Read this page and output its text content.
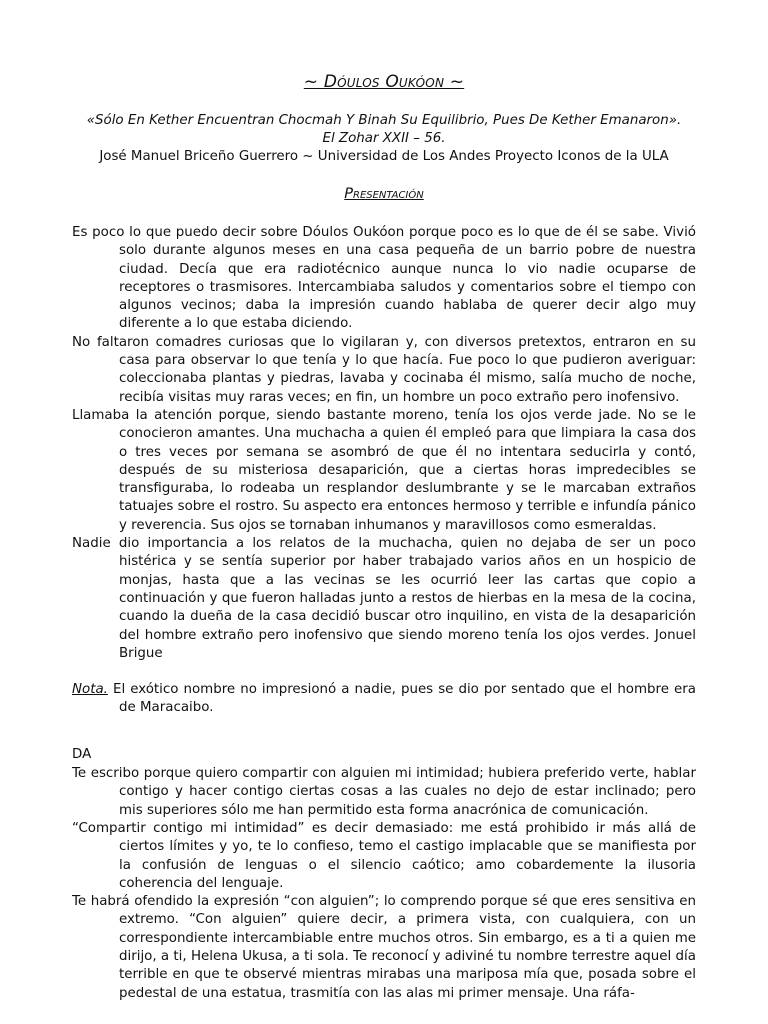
~ Dóulos Oukóon ~
«Sólo En Kether Encuentran Chocmah Y Binah Su Equilibrio, Pues De Kether Emanaron».
El Zohar XXII – 56.
José Manuel Briceño Guerrero ~ Universidad de Los Andes Proyecto Iconos de la ULA
Presentación

Es poco lo que puedo decir sobre Dóulos Oukóon porque poco es lo que de él se sabe. Vivió solo durante algunos meses en una casa pequeña de un barrio pobre de nuestra ciudad. Decía que era radiotécnico aunque nunca lo vio nadie ocuparse de receptores o trasmisores. Intercambiaba saludos y comentarios sobre el tiempo con algunos vecinos; daba la impresión cuando hablaba de querer decir algo muy diferente a lo que estaba diciendo.

No faltaron comadres curiosas que lo vigilaran y, con diversos pretextos, entraron en su casa para observar lo que tenía y lo que hacía. Fue poco lo que pudieron averiguar: coleccionaba plantas y piedras, lavaba y cocinaba él mismo, salía mucho de noche, recibía visitas muy raras veces; en fin, un hombre un poco extraño pero inofensivo.

Llamaba la atención porque, siendo bastante moreno, tenía los ojos verde jade. No se le conocieron amantes. Una muchacha a quien él empleó para que limpiara la casa dos o tres veces por semana se asombró de que él no intentara seducirla y contó, después de su misteriosa desaparición, que a ciertas horas impredecibles se transfiguraba, lo rodeaba un resplandor deslumbrante y se le marcaban extraños tatuajes sobre el rostro. Su aspecto era entonces hermoso y terrible e infundía pánico y reverencia. Sus ojos se tornaban inhumanos y maravillosos como esmeraldas.

Nadie dio importancia a los relatos de la muchacha, quien no dejaba de ser un poco histérica y se sentía superior por haber trabajado varios años en un hospicio de monjas, hasta que a las vecinas se les ocurrió leer las cartas que copio a continuación y que fueron halladas junto a restos de hierbas en la mesa de la cocina, cuando la dueña de la casa decidió buscar otro inquilino, en vista de la desaparición del hombre extraño pero inofensivo que siendo moreno tenía los ojos verdes. Jonuel Brigue

Nota. El exótico nombre no impresionó a nadie, pues se dio por sentado que el hombre era de Maracaibo.

DA

Te escribo porque quiero compartir con alguien mi intimidad; hubiera preferido verte, hablar contigo y hacer contigo ciertas cosas a las cuales no dejo de estar inclinado; pero mis superiores sólo me han permitido esta forma anacrónica de comunicación.

“Compartir contigo mi intimidad” es decir demasiado: me está prohibido ir más allá de ciertos límites y yo, te lo confieso, temo el castigo implacable que se manifiesta por la confusión de lenguas o el silencio caótico; amo cobardemente la ilusoria coherencia del lenguaje.

Te habrá ofendido la expresión “con alguien”; lo comprendo porque sé que eres sensitiva en extremo. “Con alguien” quiere decir, a primera vista, con cualquiera, con un correspondiente intercambiable entre muchos otros. Sin embargo, es a ti a quien me dirijo, a ti, Helena Ukusa, a ti sola. Te reconocí y adiviné tu nombre terrestre aquel día terrible en que te observé mientras mirabas una mariposa mía que, posada sobre el pedestal de una estatua, trasmitía con las alas mi primer mensaje. Una ráfa-
